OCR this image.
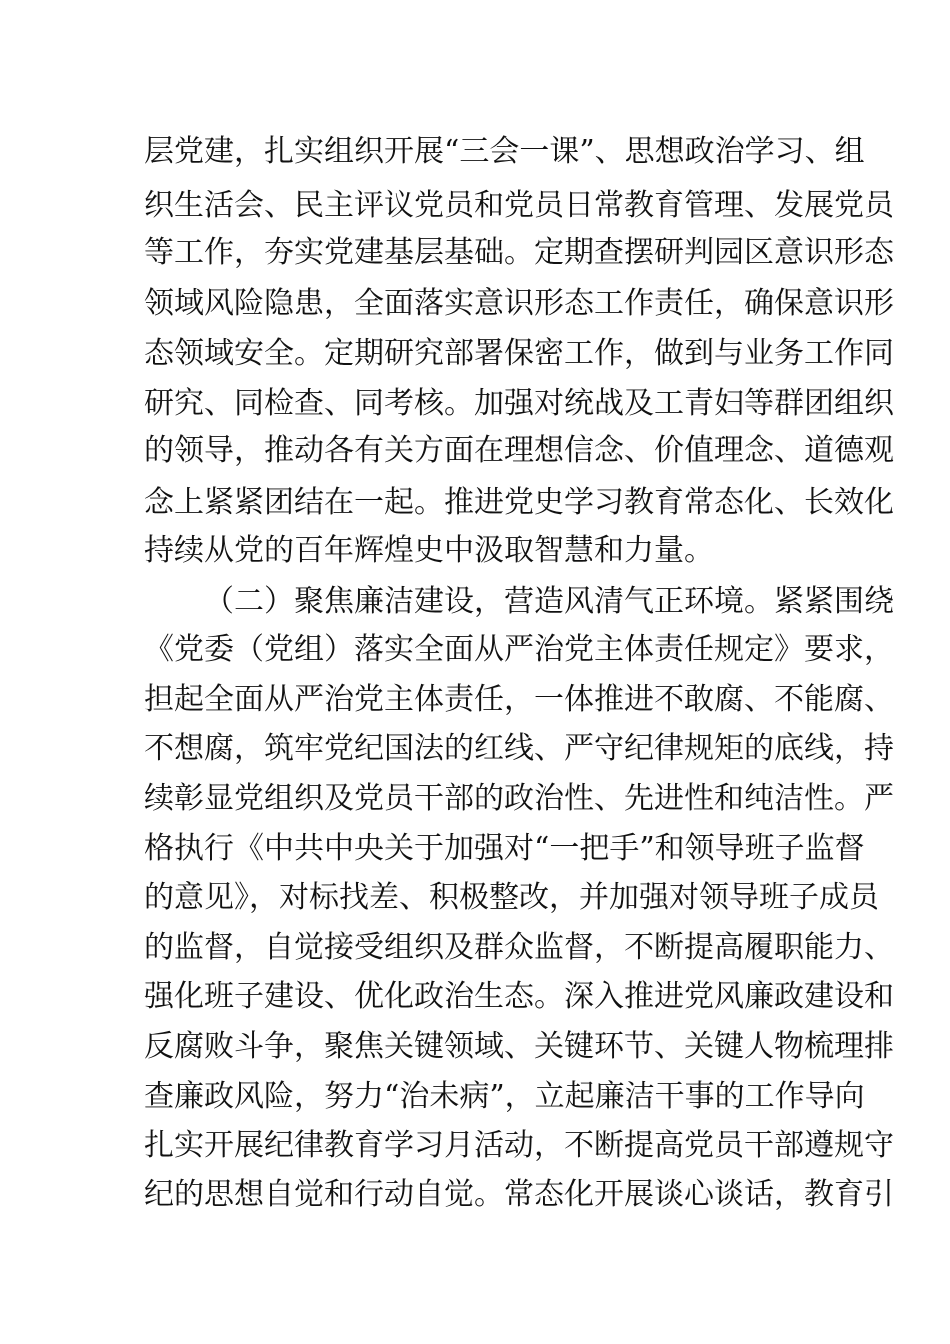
层党建，扎实组织开展“三会一课”、思想政治学习、组
织生活会、民主评议党员和党员日常教育管理、发展党员
等工作，夯实党建基层基础。定期查摆研判园区意识形态
领域风险隐患，全面落实意识形态工作责任，确保意识形
态领域安全。定期研究部署保密工作，做到与业务工作同
研究、同检查、同考核。加强对统战及工青妇等群团组织
的领导，推动各有关方面在理想信念、价值理念、道德观
念上紧紧团结在一起。推进党史学习教育常态化、长效化
持续从党的百年辉煌史中汲取智慧和力量。
（二）聚焦廉洁建设，营造风清气正环境。紧紧围绕
《党委（党组）落实全面从严治党主体责任规定》要求，
担起全面从严治党主体责任，一体推进不敢腐、不能腐、
不想腐，筑牢党纪国法的红线、严守纪律规矩的底线，持
续彰显党组织及党员干部的政治性、先进性和纯洁性。严
格执行《中共中央关于加强对“一把手”和领导班子监督
的意见》，对标找差、积极整改，并加强对领导班子成员
的监督，自觉接受组织及群众监督，不断提高履职能力、
强化班子建设、优化政治生态。深入推进党风廉政建设和
反腐败斗争，聚焦关键领域、关键环节、关键人物梳理排
查廉政风险，努力“治未病”，立起廉洁干事的工作导向
扎实开展纪律教育学习月活动，不断提高党员干部遵规守
纪的思想自觉和行动自觉。常态化开展谈心谈话，教育引
